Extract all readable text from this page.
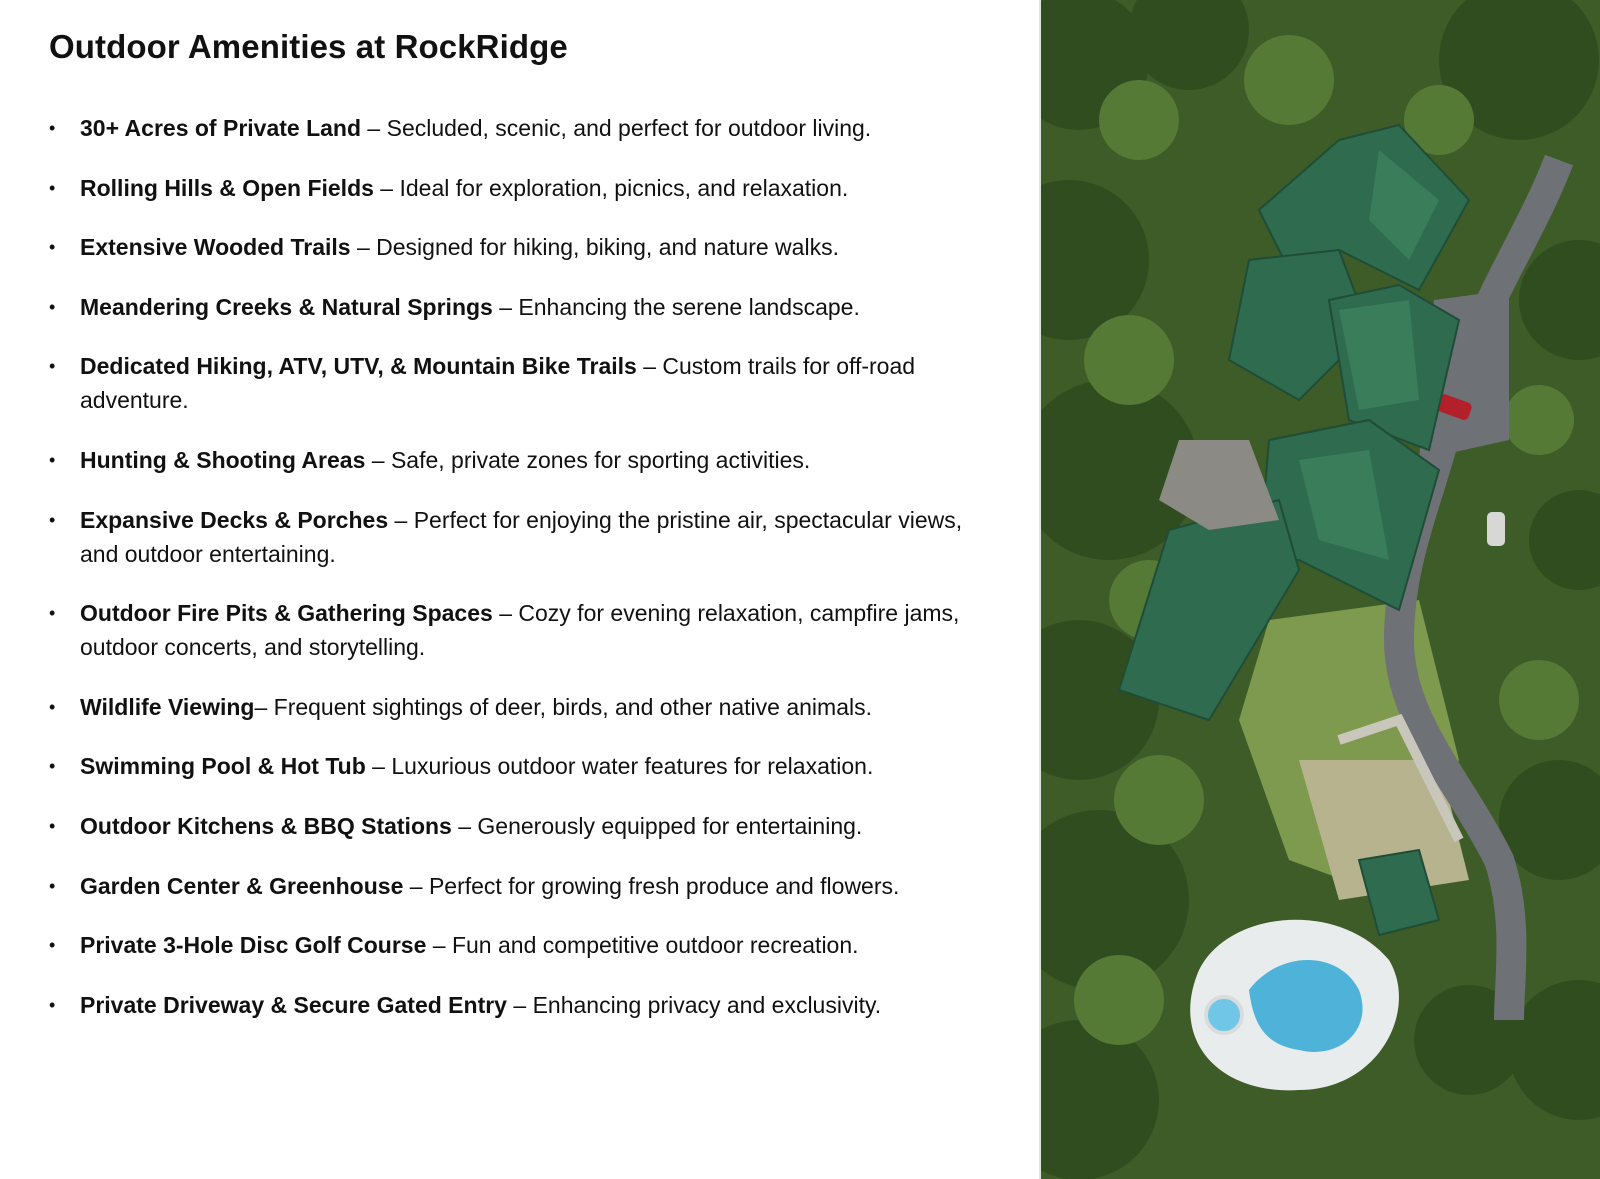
Outdoor Amenities at RockRidge
• 30+ Acres of Private Land – Secluded, scenic, and perfect for outdoor living.
• Rolling Hills & Open Fields – Ideal for exploration, picnics, and relaxation.
• Extensive Wooded Trails – Designed for hiking, biking, and nature walks.
• Meandering Creeks & Natural Springs – Enhancing the serene landscape.
• Dedicated Hiking, ATV, UTV, & Mountain Bike Trails – Custom trails for off-road adventure.
• Hunting & Shooting Areas – Safe, private zones for sporting activities.
• Expansive Decks & Porches – Perfect for enjoying the pristine air, spectacular views, and outdoor entertaining.
• Outdoor Fire Pits & Gathering Spaces – Cozy for evening relaxation, campfire jams, outdoor concerts, and storytelling.
• Wildlife Viewing– Frequent sightings of deer, birds, and other native animals.
• Swimming Pool & Hot Tub – Luxurious outdoor water features for relaxation.
• Outdoor Kitchens & BBQ Stations – Generously equipped for entertaining.
• Garden Center & Greenhouse – Perfect for growing fresh produce and flowers.
• Private 3-Hole Disc Golf Course – Fun and competitive outdoor recreation.
• Private Driveway & Secure Gated Entry – Enhancing privacy and exclusivity.
